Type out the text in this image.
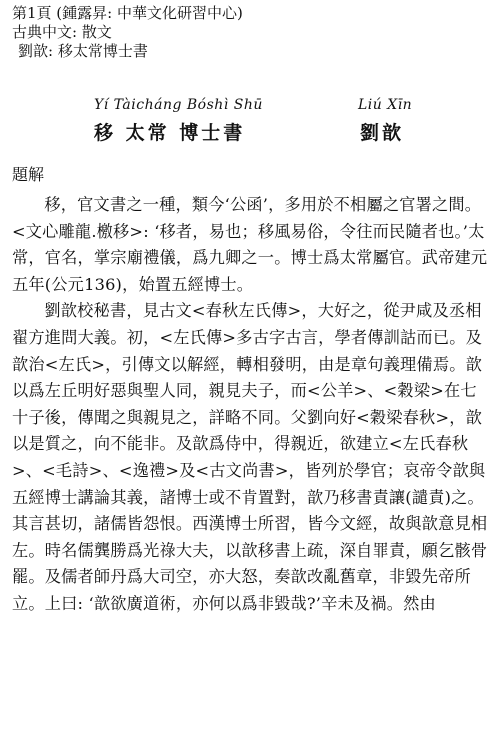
第1頁 (鍾露昇: 中華文化研習中心)
古典中文: 散文
劉歆: 移太常博士書
Yí Tàicháng Bóshì Shū
移 太常 博士書
Liú Xīn
劉歆
題解

移，官文書之一種，類今‘公函’，多用於不相屬之官署之間。<文心雕龍.檄移>: ‘移者，易也；移風易俗，令往而民隨者也。’太常，官名，掌宗廟禮儀，爲九卿之一。博士爲太常屬官。武帝建元五年(公元136)，始置五經博士。

劉歆校秘書，見古文<春秋左氏傳>，大好之，從尹咸及丞相翟方進問大義。初，<左氏傳>多古字古言，學者傳訓詁而已。及歆治<左氏>，引傳文以解經，轉相發明，由是章句義理備焉。歆以爲左丘明好惡與聖人同，親見夫子，而<公羊>、<穀梁>在七十子後，傳聞之與親見之，詳略不同。父劉向好<穀梁春秋>，歆以是質之，向不能非。及歆爲侍中，得親近，欲建立<左氏春秋>、<毛詩>、<逸禮>及<古文尚書>，皆列於學官；哀帝令歆與五經博士講論其義，諸博士或不肯置對，歆乃移書責讓(譴責)之。其言甚切，諸儒皆怨恨。西漢博士所習，皆今文經，故與歆意見相左。時名儒龔勝爲光祿大夫，以歆移書上疏，深自罪責，願乞骸骨罷。及儒者師丹爲大司空，亦大怒，奏歆改亂舊章，非毀先帝所立。上曰: ‘歆欲廣道術，亦何以爲非毀哉?’辛未及禍。然由
